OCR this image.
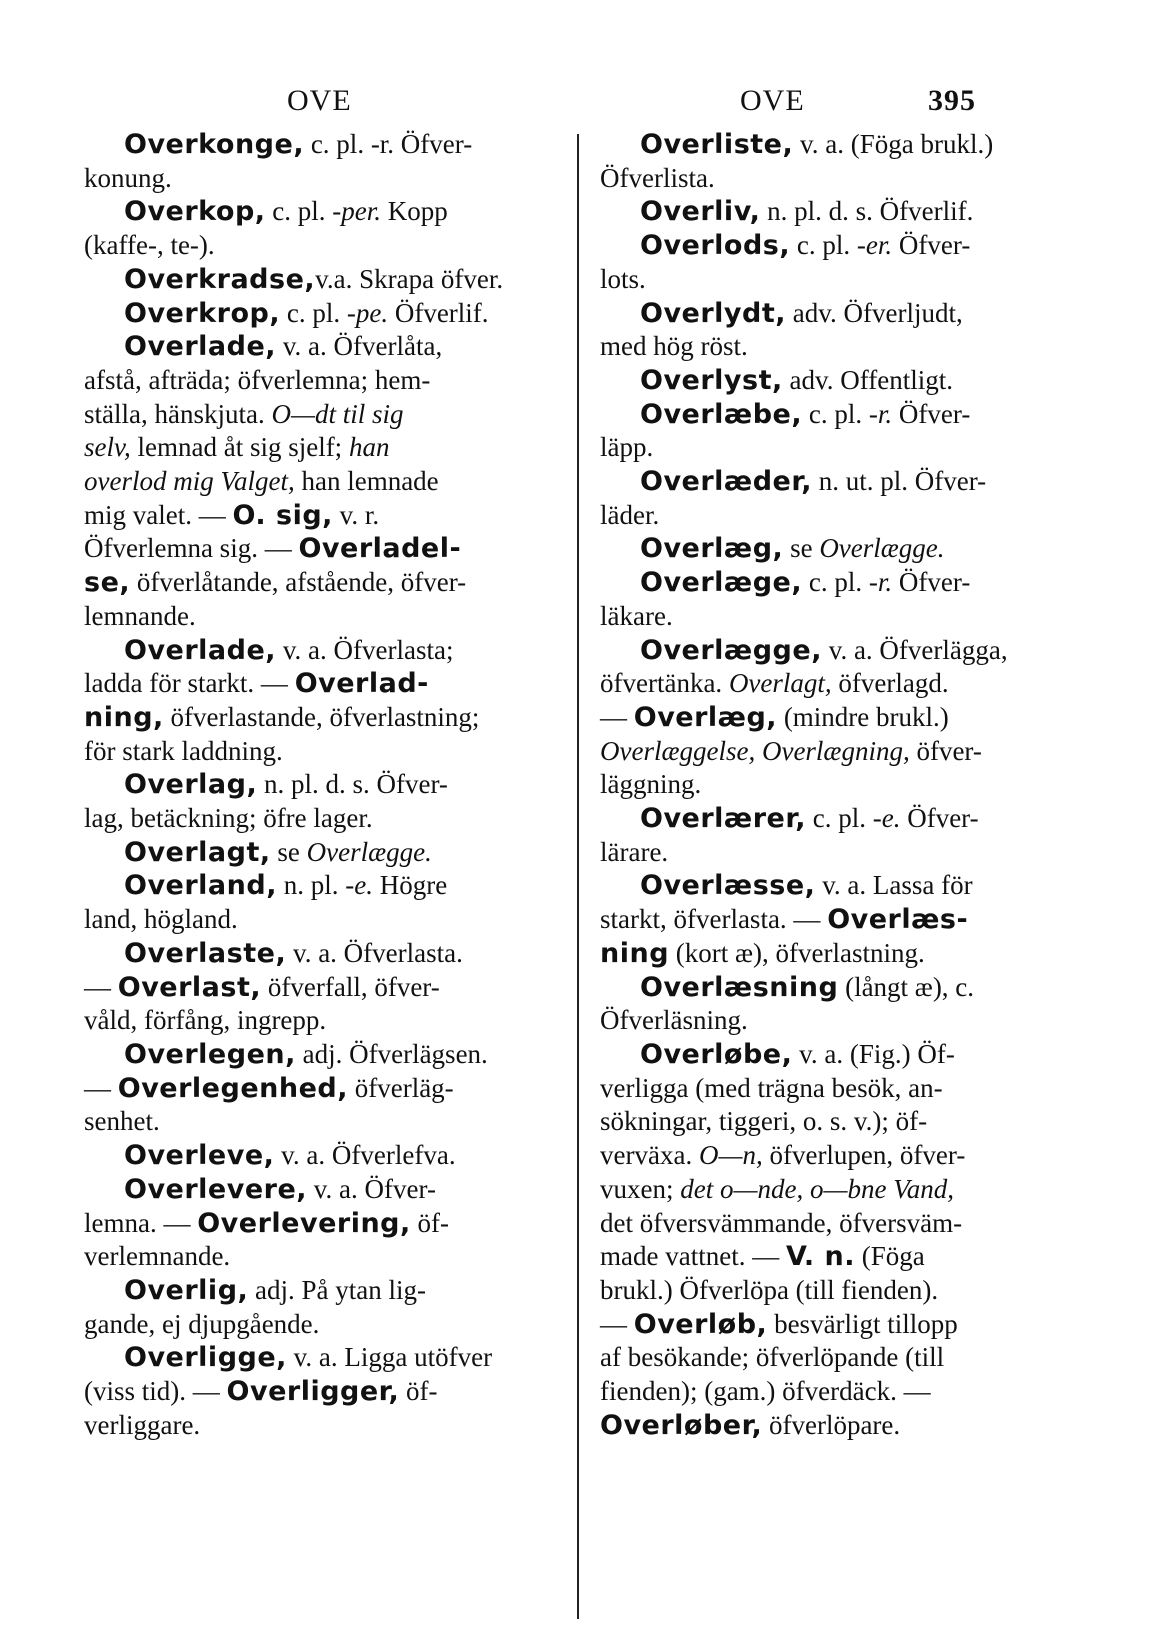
OVE	OVE	395

Overkonge, c. pl. -r. Öfver-

konung.

Overkop, c. pl. -per. Kopp

(kaffe-, te-).

Overkradse,v.a. Skrapa öfver.

Overkrop, c. pl. -pe. Öfverlif.

Overlade, v. a. Öfverlåta,

afstå, afträda; öfverlemna; hem-

ställa, hänskjuta. O—dt til sig

selv, lemnad åt sig sjelf; han

overlod mig Valget, han lemnade

mig valet. — O. sig, v. r.

Öfverlemna sig. — Overladel-

se, öfverlåtande, afstående, öfver-

lemnande.

Overlade, v. a. Öfverlasta;

ladda för starkt. — Overlad-

ning, öfverlastande, öfverlastning;

för stark laddning.

Overlag, n. pl. d. s. Öfver-

lag, betäckning; öfre lager.

Overlagt, se Overlægge.

Overland, n. pl. -e. Högre

land, högland.

Overlaste, v. a. Öfverlasta.

— Overlast, öfverfall, öfver-

våld, förfång, ingrepp.

Overlegen, adj. Öfverlägsen.

— Overlegenhed, öfverläg-

senhet.

Overleve, v. a. Öfverlefva.

Overlevere, v. a. Öfver-

lemna. — Overlevering, öf-

verlemnande.

Overlig, adj. På ytan lig-

gande, ej djupgående.

Overligge, v. a. Ligga utöfver

(viss tid). — Overligger, öf-

verliggare.

Overliste, v. a. (Föga brukl.)

Öfverlista.

Overliv, n. pl. d. s. Öfverlif.

Overlods, c. pl. -er. Öfver-

lots.

Overlydt, adv. Öfverljudt,

med hög röst.

Overlyst, adv. Offentligt.

Overlæbe, c. pl. -r. Öfver-

läpp.

Overlæder, n. ut. pl. Öfver-

läder.

Overlæg, se Overlægge.

Overlæge, c. pl. -r. Öfver-

läkare.

Overlægge, v. a. Öfverlägga,

öfvertänka. Overlagt, öfverlagd.

— Overlæg, (mindre brukl.)

Overlæggelse, Overlægning, öfver-

läggning.

Overlærer, c. pl. -e. Öfver-

lärare.

Overlæsse, v. a. Lassa för

starkt, öfverlasta. — Overlæs-

ning (kort æ), öfverlastning.

Overlæsning (långt æ), c.

Öfverläsning.

Overløbe, v. a. (Fig.) Öf-

verligga (med trägna besök, an-

sökningar, tiggeri, o. s. v.); öf-

verväxa. O—n, öfverlupen, öfver-

vuxen; det o—nde, o—bne Vand,

det öfversvämmande, öfversväm-

made vattnet. — V. n. (Föga

brukl.) Öfverlöpa (till fienden).

— Overløb, besvärligt tillopp

af besökande; öfverlöpande (till

fienden); (gam.) öfverdäck. —

Overløber, öfverlöpare.
